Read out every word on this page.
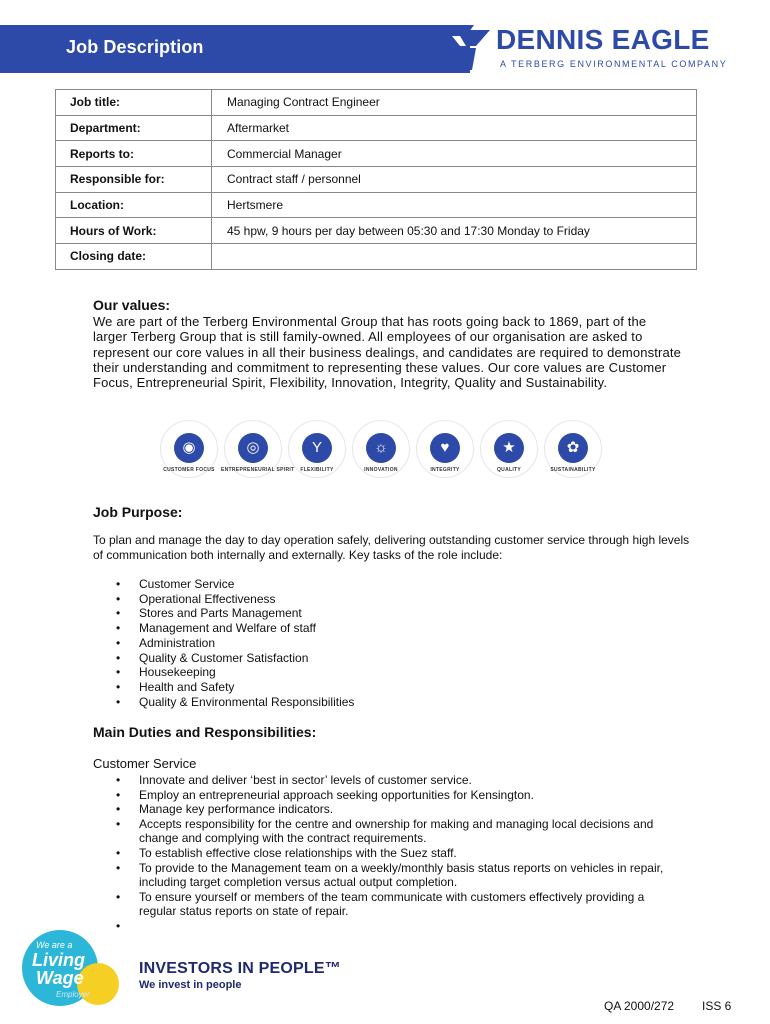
Job Description	DENNIS EAGLE
A TERBERG ENVIRONMENTAL COMPANY
Job title:	Managing Contract Engineer
Department:	Aftermarket
Reports to:	Commercial Manager
Responsible for:	Contract staff / personnel
Location:	Hertsmere
Hours of Work:	45 hpw, 9 hours per day between 05:30 and 17:30 Monday to Friday
Closing date:	
Our values:
We are part of the Terberg Environmental Group that has roots going back to 1869, part of the larger Terberg Group that is still family-owned. All employees of our organisation are asked to represent our core values in all their business dealings, and candidates are required to demonstrate their understanding and commitment to representing these values. Our core values are Customer Focus, Entrepreneurial Spirit, Flexibility, Innovation, Integrity, Quality and Sustainability.
◉
CUSTOMER FOCUS
◎
ENTREPRENEURIAL SPIRIT
Y
FLEXIBILITY
☼
INNOVATION
♥
INTEGRITY
★
QUALITY
✿
SUSTAINABILITY
Job Purpose:
To plan and manage the day to day operation safely, delivering outstanding customer service through high levels of communication both internally and externally. Key tasks of the role include:
• Customer Service
• Operational Effectiveness
• Stores and Parts Management
• Management and Welfare of staff
• Administration
• Quality & Customer Satisfaction
• Housekeeping
• Health and Safety
• Quality & Environmental Responsibilities
Main Duties and Responsibilities:
Customer Service
• Innovate and deliver ‘best in sector’ levels of customer service.
• Employ an entrepreneurial approach seeking opportunities for Kensington.
• Manage key performance indicators.
• Accepts responsibility for the centre and ownership for making and managing local decisions and change and complying with the contract requirements.
• To establish effective close relationships with the Suez staff.
• To provide to the Management team on a weekly/monthly basis status reports on vehicles in repair, including target completion versus actual output completion.
• To ensure yourself or members of the team communicate with customers effectively providing a regular status reports on state of repair.
•
We are a
Living
Wage
Employer
INVESTORS IN PEOPLE™
We invest in people
QA 2000/272 ISS 6
